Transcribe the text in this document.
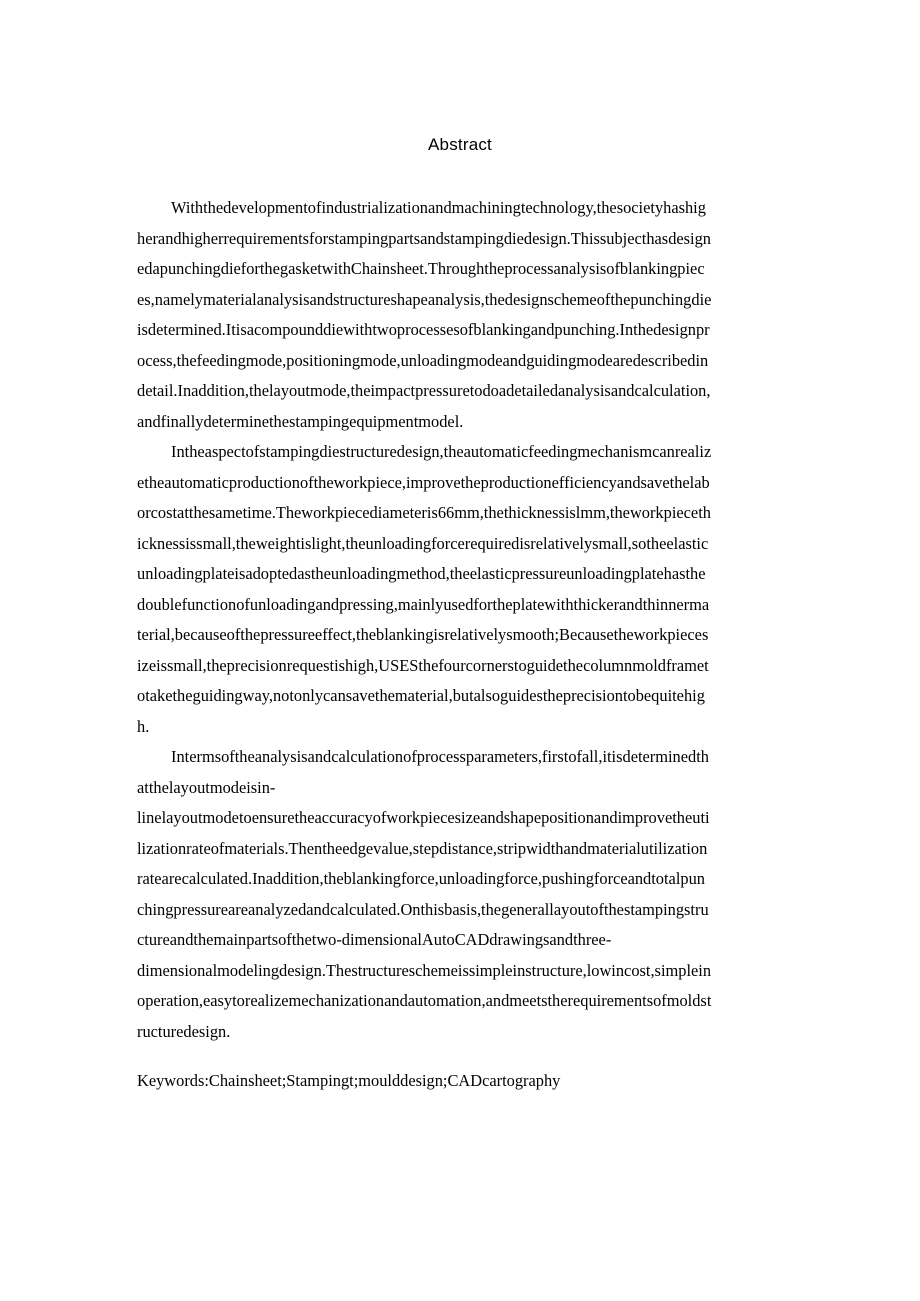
Abstract
Withthedevelopmentofindustrializationandmachiningtechnology,thesocietyhashig
herandhigherrequirementsforstampingpartsandstampingdiedesign.Thissubjecthasdesign
edapunchingdieforthegasketwithChainsheet.Throughtheprocessanalysisofblankingpiec
es,namelymaterialanalysisandstructureshapeanalysis,thedesignschemeofthepunchingdie
isdetermined.Itisacompounddiewithtwoprocessesofblankingandpunching.Inthedesignpr
ocess,thefeedingmode,positioningmode,unloadingmodeandguidingmodearedescribedin
detail.Inaddition,thelayoutmode,theimpactpressuretodoadetailedanalysisandcalculation,
andfinallydeterminethestampingequipmentmodel.
Intheaspectofstampingdiestructuredesign,theautomaticfeedingmechanismcanrealiz
etheautomaticproductionoftheworkpiece,improvetheproductionefficiencyandsavethelab
orcostatthesametime.Theworkpiecediameteris66mm,thethicknessislmm,theworkpieceth
icknessissmall,theweightislight,theunloadingforcerequiredisrelativelysmall,sotheelastic
unloadingplateisadoptedastheunloadingmethod,theelasticpressureunloadingplatehasthe
doublefunctionofunloadingandpressing,mainlyusedfortheplatewiththickerandthinnerma
terial,becauseofthepressureeffect,theblankingisrelativelysmooth;Becausetheworkpieces
izeissmall,theprecisionrequestishigh,USESthefourcornerstoguidethecolumnmoldframet
otaketheguidingway,notonlycansavethematerial,butalsoguidestheprecisiontobequitehig
h.
Intermsoftheanalysisandcalculationofprocessparameters,firstofall,itisdeterminedth
atthelayoutmodeisin-
linelayoutmodetoensuretheaccuracyofworkpiecesizeandshapepositionandimprovetheuti
lizationrateofmaterials.Thentheedgevalue,stepdistance,stripwidthandmaterialutilization
ratearecalculated.Inaddition,theblankingforce,unloadingforce,pushingforceandtotalpun
chingpressureareanalyzedandcalculated.Onthisbasis,thegenerallayoutofthestampingstru
ctureandthemainpartsofthetwo-dimensionalAutoCADdrawingsandthree-
dimensionalmodelingdesign.Thestructureschemeissimpleinstructure,lowincost,simplein
operation,easytorealizemechanizationandautomation,andmeetstherequirementsofmoldst
ructuredesign.
Keywords:Chainsheet;Stampingt;moulddesign;CADcartography
